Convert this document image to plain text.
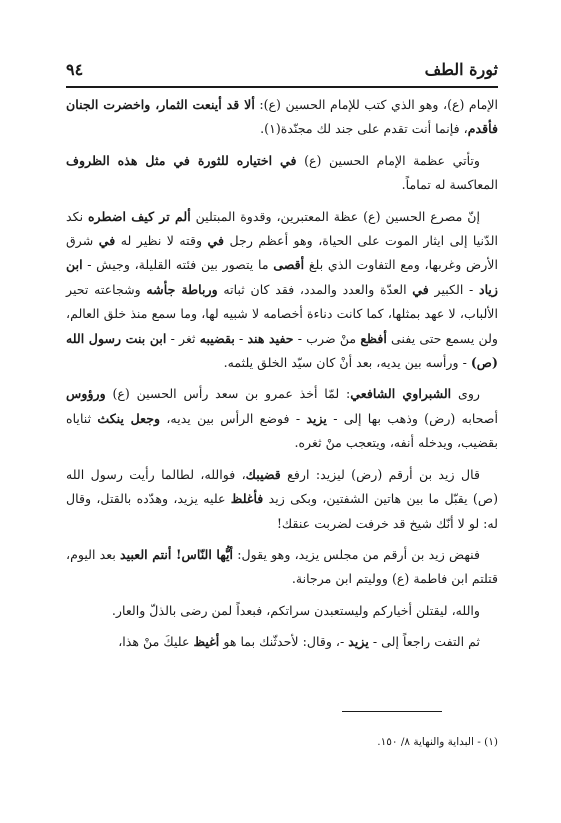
ثورة الطف
٩٤

الإمام (ع)، وهو الذي كتب للإمام الحسين (ع): ألا قد أينعت الثمار، واخضرت الجنان فأقدم، فإنما أنت تقدم على جند لك مجنّدة(١).

وتأتي عظمة الإمام الحسين (ع) في اختياره للثورة في مثل هذه الظروف المعاكسة له تماماً.

إنّ مصرع الحسين (ع) عظة المعتبرين، وقدوة المبتلين ألم تر كيف اضطره نكد الدّنيا إلى ايثار الموت على الحياة، وهو أعظم رجل في وقته لا نظير له في شرق الأرض وغربها، ومع التفاوت الذي بلغ أقصى ما يتصور بين فئته القليلة، وجيش - ابن زياد - الكبير في العدّة والعدد والمدد، فقد كان ثباته ورباطة جأشه وشجاعته تحير الألباب، لا عهد بمثلها، كما كانت دناءة أخصامه لا شبيه لها، وما سمع منذ خلق العالم، ولن يسمع حتى يفنى أفظع منْ ضرب - حفيد هند - بقضيبه ثغر - ابن بنت رسول الله (ص) - ورأسه بين يديه، بعد أنْ كان سيّد الخلق يلثمه.

روى الشبراوي الشافعي: لمّا أخذ عمرو بن سعد رأس الحسين (ع) ورؤوس أصحابه (رض) وذهب بها إلى - يزيد - فوضع الرأس بين يديه، وجعل ينكث ثناياه بقضيب، ويدخله أنفه، ويتعجب منْ ثغره.

قال زيد بن أرقم (رض) ليزيد: ارفع قضيبك، فوالله، لطالما رأيت رسول الله (ص) يقبّل ما بين هاتين الشفتين، وبكى زيد فأغلظ عليه يزيد، وهدّده بالقتل، وقال له: لو لا أنّك شيخ قد خرفت لضربت عنقك!

فنهض زيد بن أرقم من مجلس يزيد، وهو يقول: أيُّها النّاس! أنتم العبيد بعد اليوم، قتلتم ابن فاطمة (ع) ووليتم ابن مرجانة.

والله، ليقتلن أخياركم وليستعبدن سراتكم، فبعداً لمن رضى بالذلّ والعار.

ثم التفت راجعاً إلى - يزيد -، وقال: لأحدثّنك بما هو أغيظ عليكَ منْ هذا،

(١) - البداية والنهاية ٨/ ١٥٠.
